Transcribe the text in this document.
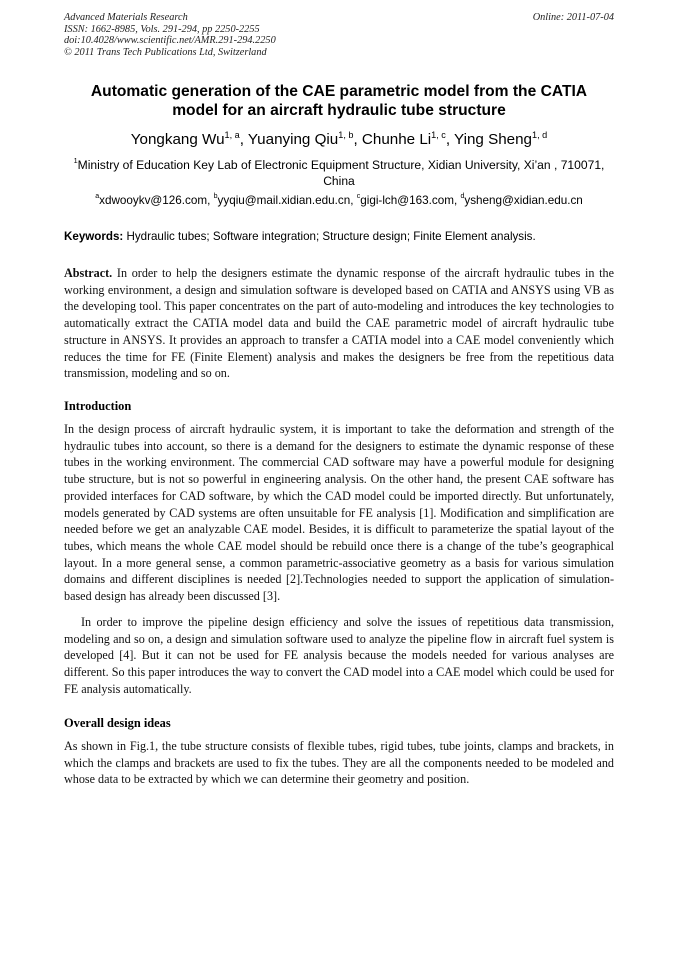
Advanced Materials Research
ISSN: 1662-8985, Vols. 291-294, pp 2250-2255
doi:10.4028/www.scientific.net/AMR.291-294.2250
© 2011 Trans Tech Publications Ltd, Switzerland
Online: 2011-07-04
Automatic generation of the CAE parametric model from the CATIA
model for an aircraft hydraulic tube structure
Yongkang Wu$^{1, a}$, Yuanying Qiu$^{1, b}$, Chunhe Li$^{1, c}$, Ying Sheng$^{1, d}$
$^1$Ministry of Education Key Lab of Electronic Equipment Structure, Xidian University, Xi’an , 710071, China
$^a$xdwooykv@126.com, $^b$yyqiu@mail.xidian.edu.cn, $^c$gigi-lch@163.com, $^d$ysheng@xidian.edu.cn
Keywords: Hydraulic tubes; Software integration; Structure design; Finite Element analysis.

Abstract. In order to help the designers estimate the dynamic response of the aircraft hydraulic tubes in the working environment, a design and simulation software is developed based on CATIA and ANSYS using VB as the developing tool. This paper concentrates on the part of auto-modeling and introduces the key technologies to automatically extract the CATIA model data and build the CAE parametric model of aircraft hydraulic tube structure in ANSYS. It provides an approach to transfer a CATIA model into a CAE model conveniently which reduces the time for FE (Finite Element) analysis and makes the designers be free from the repetitious data transmission, modeling and so on.

Introduction

In the design process of aircraft hydraulic system, it is important to take the deformation and strength of the hydraulic tubes into account, so there is a demand for the designers to estimate the dynamic response of these tubes in the working environment. The commercial CAD software may have a powerful module for designing tube structure, but is not so powerful in engineering analysis. On the other hand, the present CAE software has provided interfaces for CAD software, by which the CAD model could be imported directly. But unfortunately, models generated by CAD systems are often unsuitable for FE analysis [1]. Modification and simplification are needed before we get an analyzable CAE model. Besides, it is difficult to parameterize the spatial layout of the tubes, which means the whole CAE model should be rebuild once there is a change of the tube’s geographical layout. In a more general sense, a common parametric-associative geometry as a basis for various simulation domains and different disciplines is needed [2].Technologies needed to support the application of simulation-based design has already been discussed [3].

In order to improve the pipeline design efficiency and solve the issues of repetitious data transmission, modeling and so on, a design and simulation software used to analyze the pipeline flow in aircraft fuel system is developed [4]. But it can not be used for FE analysis because the models needed for various analyses are different. So this paper introduces the way to convert the CAD model into a CAE model which could be used for FE analysis automatically.

Overall design ideas

As shown in Fig.1, the tube structure consists of flexible tubes, rigid tubes, tube joints, clamps and brackets, in which the clamps and brackets are used to fix the tubes. They are all the components needed to be modeled and whose data to be extracted by which we can determine their geometry and position.
